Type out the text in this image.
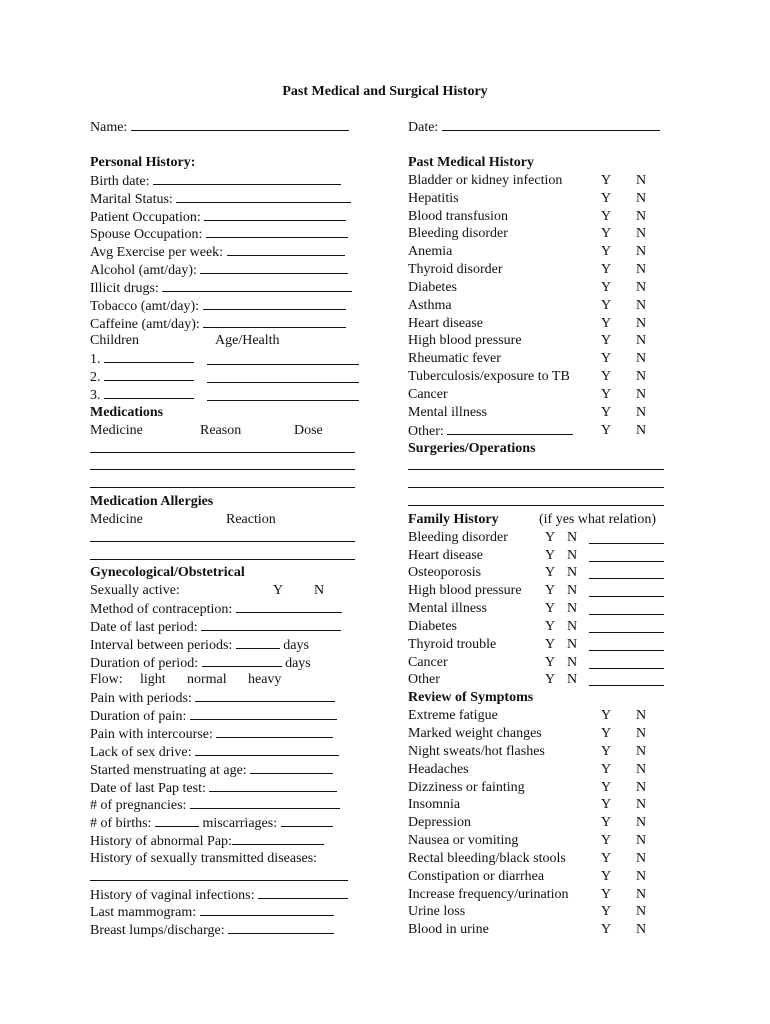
Past Medical and Surgical History
Name:	Date:
Personal History:
Birth date:
Marital Status:
Patient Occupation:
Spouse Occupation:
Avg Exercise per week:
Alcohol (amt/day):
Illicit drugs:
Tobacco (amt/day):
Caffeine (amt/day):
Children	Age/Health
1.
2.
3.
Medications
Medicine	Reason	Dose
Medication Allergies
Medicine	Reaction
Gynecological/Obstetrical
Sexually active:	Y N
Method of contraception:
Date of last period:
Interval between periods:	days
Duration of period:	days
Flow: light normal heavy
Pain with periods:
Duration of pain:
Pain with intercourse:
Lack of sex drive:
Started menstruating at age:
Date of last Pap test:
# of pregnancies:
# of births:	miscarriages:
History of abnormal Pap:
History of sexually transmitted diseases:
History of vaginal infections:
Last mammogram:
Breast lumps/discharge:
Past Medical History
Bladder or kidney infection	Y N
Hepatitis	Y N
Blood transfusion	Y N
Bleeding disorder	Y N
Anemia	Y N
Thyroid disorder	Y N
Diabetes	Y N
Asthma	Y N
Heart disease	Y N
High blood pressure	Y N
Rheumatic fever	Y N
Tuberculosis/exposure to TB Y N
Cancer	Y N
Mental illness	Y N
Other:	Y N
Surgeries/Operations
Family History	(if yes what relation)
Bleeding disorder	Y N
Heart disease	Y N
Osteoporosis	Y N
High blood pressure Y N
Mental illness	Y N
Diabetes	Y N
Thyroid trouble	Y N
Cancer	Y N
Other	Y N
Review of Symptoms
Extreme fatigue	Y N
Marked weight changes	Y N
Night sweats/hot flashes	Y N
Headaches	Y N
Dizziness or fainting	Y N
Insomnia	Y N
Depression	Y N
Nausea or vomiting	Y N
Rectal bleeding/black stools	Y N
Constipation or diarrhea	Y N
Increase frequency/urination Y N
Urine loss	Y N
Blood in urine	Y N
